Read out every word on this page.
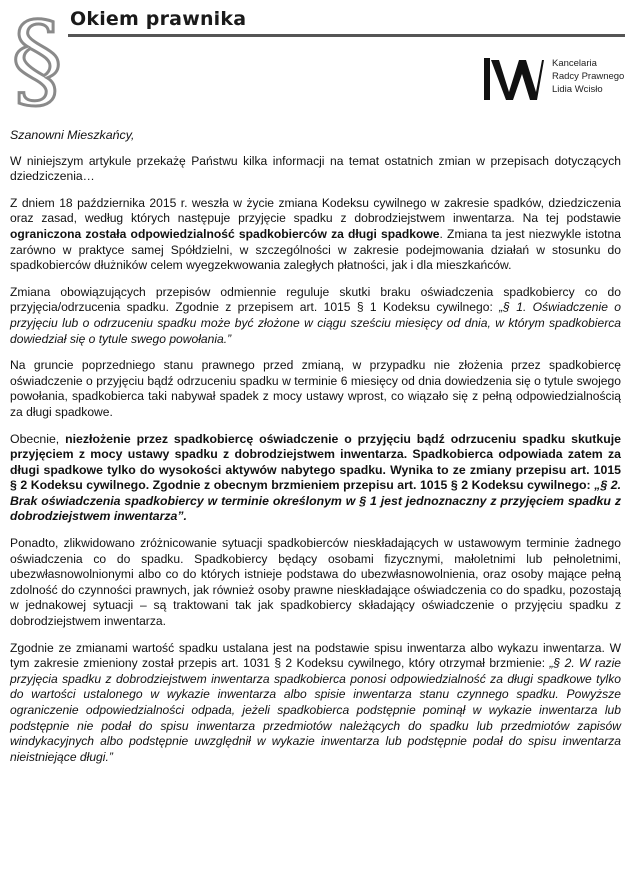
§ Okiem prawnika
Kancelaria
Radcy Prawnego
Lidia Wcisło

Szanowni Mieszkańcy,

W niniejszym artykule przekażę Państwu kilka informacji na temat ostatnich zmian w przepisach dotyczących dziedziczenia…

Z dniem 18 października 2015 r. weszła w życie zmiana Kodeksu cywilnego w zakresie spadków, dziedziczenia oraz zasad, według których następuje przyjęcie spadku z dobrodziejstwem inwentarza. Na tej podstawie ograniczona została odpowiedzialność spadkobierców za długi spadkowe. Zmiana ta jest niezwykle istotna zarówno w praktyce samej Spółdzielni, w szczególności w zakresie podejmowania działań w stosunku do spadkobierców dłużników celem wyegzekwowania zaległych płatności, jak i dla mieszkańców.

Zmiana obowiązujących przepisów odmiennie reguluje skutki braku oświadczenia spadkobiercy co do przyjęcia/odrzucenia spadku. Zgodnie z przepisem art. 1015 § 1 Kodeksu cywilnego: „§ 1. Oświadczenie o przyjęciu lub o odrzuceniu spadku może być złożone w ciągu sześciu miesięcy od dnia, w którym spadkobierca dowiedział się o tytule swego powołania.”

Na gruncie poprzedniego stanu prawnego przed zmianą, w przypadku nie złożenia przez spadkobiercę oświadczenie o przyjęciu bądź odrzuceniu spadku w terminie 6 miesięcy od dnia dowiedzenia się o tytule swojego powołania, spadkobierca taki nabywał spadek z mocy ustawy wprost, co wiązało się z pełną odpowiedzialnością za długi spadkowe.

Obecnie, niezłożenie przez spadkobiercę oświadczenie o przyjęciu bądź odrzuceniu spadku skutkuje przyjęciem z mocy ustawy spadku z dobrodziejstwem inwentarza. Spadkobierca odpowiada zatem za długi spadkowe tylko do wysokości aktywów nabytego spadku. Wynika to ze zmiany przepisu art. 1015 § 2 Kodeksu cywilnego. Zgodnie z obecnym brzmieniem przepisu art. 1015 § 2 Kodeksu cywilnego: „§ 2. Brak oświadczenia spadkobiercy w terminie określonym w § 1 jest jednoznaczny z przyjęciem spadku z dobrodziejstwem inwentarza”.

Ponadto, zlikwidowano zróżnicowanie sytuacji spadkobierców nieskładających w ustawowym terminie żadnego oświadczenia co do spadku. Spadkobiercy będący osobami fizycznymi, małoletnimi lub pełnoletnimi, ubezwłasnowolnionymi albo co do których istnieje podstawa do ubezwłasnowolnienia, oraz osoby mające pełną zdolność do czynności prawnych, jak również osoby prawne nieskładające oświadczenia co do spadku, pozostają w jednakowej sytuacji – są traktowani tak jak spadkobiercy składający oświadczenie o przyjęciu spadku z dobrodziejstwem inwentarza.

Zgodnie ze zmianami wartość spadku ustalana jest na podstawie spisu inwentarza albo wykazu inwentarza. W tym zakresie zmieniony został przepis art. 1031 § 2 Kodeksu cywilnego, który otrzymał brzmienie: „§ 2. W razie przyjęcia spadku z dobrodziejstwem inwentarza spadkobierca ponosi odpowiedzialność za długi spadkowe tylko do wartości ustalonego w wykazie inwentarza albo spisie inwentarza stanu czynnego spadku. Powyższe ograniczenie odpowiedzialności odpada, jeżeli spadkobierca podstępnie pominął w wykazie inwentarza lub podstępnie nie podał do spisu inwentarza przedmiotów należących do spadku lub przedmiotów zapisów windykacyjnych albo podstępnie uwzględnił w wykazie inwentarza lub podstępnie podał do spisu inwentarza nieistniejące długi.”
